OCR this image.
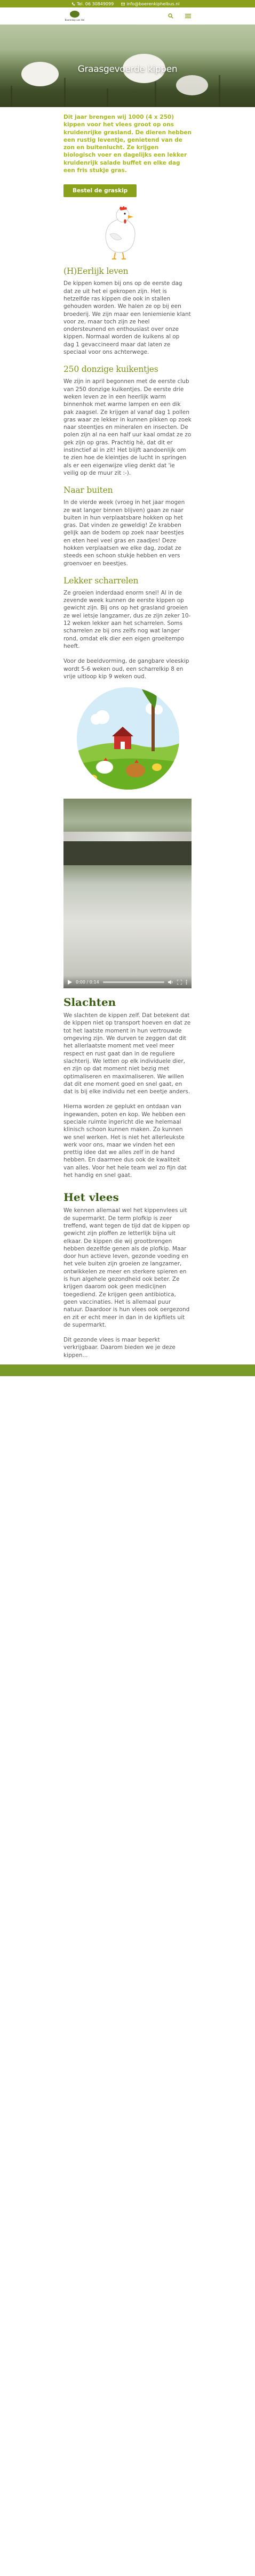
Tel. 06 30849099	info@boerenkiphelbus.nl
Boerenkip van Hel
Graasgevoerde kippen

Dit jaar brengen wij 1000 (4 x 250) kippen voor het vlees groot op ons kruidenrijke grasland. De dieren hebben een rustig leventje, genietend van de zon en buitenlucht. Ze krijgen biologisch voer en dagelijks een lekker kruidenrijk salade buffet en elke dag een fris stukje gras.

Bestel de graskip
(H)Eerlijk leven

De kippen komen bij ons op de eerste dag dat ze uit het ei gekropen zijn. Het is hetzelfde ras kippen die ook in stallen gehouden worden. We halen ze op bij een broederij. We zijn maar een leniemienie klant voor ze, maar toch zijn ze heel ondersteunend en enthousiast over onze kippen. Normaal worden de kuikens al op dag 1 gevaccineerd maar dat laten ze speciaal voor ons achterwege.

250 donzige kuikentjes

We zijn in april begonnen met de eerste club van 250 donzige kuikentjes. De eerste drie weken leven ze in een heerlijk warm binnenhok met warme lampen en een dik pak zaagsel. Ze krijgen al vanaf dag 1 pollen gras waar ze lekker in kunnen pikken op zoek naar steentjes en mineralen en insecten. De polen zijn al na een half uur kaal omdat ze zo gek zijn op gras. Prachtig hè, dat dit er instinctief al in zit! Het blijft aandoenlijk om te zien hoe de kleintjes de lucht in springen als er een eigenwijze vlieg denkt dat 'ie veilig op de muur zit :-).

Naar buiten

In de vierde week (vroeg in het jaar mogen ze wat langer binnen blijven) gaan ze naar buiten in hun verplaatsbare hokken op het gras. Dat vinden ze geweldig! Ze krabben gelijk aan de bodem op zoek naar beestjes en eten heel veel gras en zaadjes! Deze hokken verplaatsen we elke dag, zodat ze steeds een schoon stukje hebben en vers groenvoer en beestjes.

Lekker scharrelen

Ze groeien inderdaad enorm snel! Al in de zevende week kunnen de eerste kippen op gewicht zijn. Bij ons op het grasland groeien ze wel ietsje langzamer, dus ze zijn zeker 10-12 weken lekker aan het scharrelen. Soms scharrelen ze bij ons zelfs nog wat langer rond, omdat elk dier een eigen groeitempo heeft.

Voor de beeldvorming, de gangbare vleeskip wordt 5-6 weken oud, een scharrelkip 8 en vrije uitloop kip 9 weken oud.

0:00 / 0:14
Slachten

We slachten de kippen zelf. Dat betekent dat de kippen niet op transport hoeven en dat ze tot het laatste moment in hun vertrouwde omgeving zijn. We durven te zeggen dat dit het allerlaatste moment met veel meer respect en rust gaat dan in de reguliere slachterij. We letten op elk individuele dier, en zijn op dat moment niet bezig met optimaliseren en maximaliseren. We willen dat dit ene moment goed en snel gaat, en dat is bij elke individu net een beetje anders.

Hierna worden ze geplukt en ontdaan van ingewanden, poten en kop. We hebben een speciale ruimte ingericht die we helemaal klinisch schoon kunnen maken. Zo kunnen we snel werken. Het is niet het allerleukste werk voor ons, maar we vinden het een prettig idee dat we alles zelf in de hand hebben. En daarmee dus ook de kwaliteit van alles. Voor het hele team wel zo fijn dat het handig en snel gaat.

Het vlees

We kennen allemaal wel het kippenvlees uit de supermarkt. De term plofkip is zeer treffend, want tegen de tijd dat de kippen op gewicht zijn ploffen ze letterlijk bijna uit elkaar. De kippen die wij grootbrengen hebben dezelfde genen als de plofkip. Maar door hun actieve leven, gezonde voeding en het vele buiten zijn groeien ze langzamer, ontwikkelen ze meer en sterkere spieren en is hun algehele gezondheid ook beter. Ze krijgen daarom ook geen medicijnen toegediend. Ze krijgen geen antibiotica, geen vaccinaties. Het is allemaal puur natuur. Daardoor is hun vlees ook oergezond en zit er echt meer in dan in de kipfilets uit de supermarkt.

Dit gezonde vlees is maar beperkt verkrijgbaar. Daarom bieden we je deze kippen...
